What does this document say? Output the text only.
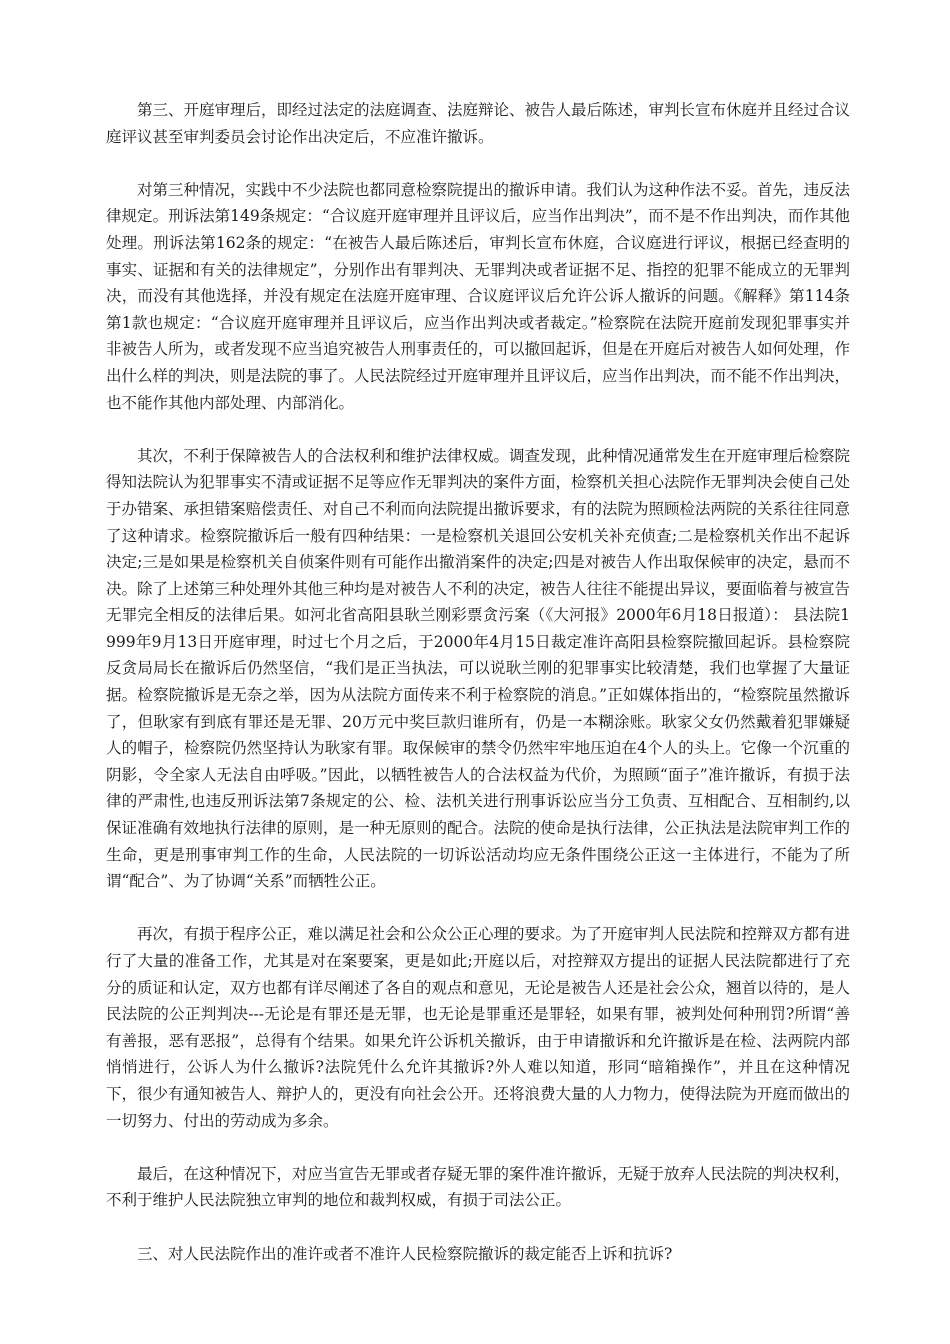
第三、开庭审理后，即经过法定的法庭调查、法庭辩论、被告人最后陈述，审判长宣布休庭并且经过合议庭评议甚至审判委员会讨论作出决定后，不应准许撤诉。

对第三种情况，实践中不少法院也都同意检察院提出的撤诉申请。我们认为这种作法不妥。首先，违反法律规定。刑诉法第149条规定：“合议庭开庭审理并且评议后，应当作出判决”，而不是不作出判决，而作其他处理。刑诉法第162条的规定：“在被告人最后陈述后，审判长宣布休庭，合议庭进行评议，根据已经查明的事实、证据和有关的法律规定”，分别作出有罪判决、无罪判决或者证据不足、指控的犯罪不能成立的无罪判决，而没有其他选择，并没有规定在法庭开庭审理、合议庭评议后允许公诉人撤诉的问题。《解释》第114条第1款也规定：“合议庭开庭审理并且评议后，应当作出判决或者裁定。”检察院在法院开庭前发现犯罪事实并非被告人所为，或者发现不应当追究被告人刑事责任的，可以撤回起诉，但是在开庭后对被告人如何处理，作出什么样的判决，则是法院的事了。人民法院经过开庭审理并且评议后，应当作出判决，而不能不作出判决，也不能作其他内部处理、内部消化。

其次，不利于保障被告人的合法权利和维护法律权威。调查发现，此种情况通常发生在开庭审理后检察院得知法院认为犯罪事实不清或证据不足等应作无罪判决的案件方面，检察机关担心法院作无罪判决会使自己处于办错案、承担错案赔偿责任、对自己不利而向法院提出撤诉要求，有的法院为照顾检法两院的关系往往同意了这种请求。检察院撤诉后一般有四种结果：一是检察机关退回公安机关补充侦查;二是检察机关作出不起诉决定;三是如果是检察机关自侦案件则有可能作出撤消案件的决定;四是对被告人作出取保候审的决定，悬而不决。除了上述第三种处理外其他三种均是对被告人不利的决定，被告人往往不能提出异议，要面临着与被宣告无罪完全相反的法律后果。如河北省高阳县耿兰刚彩票贪污案（《大河报》2000年6月18日报道）： 县法院1999年9月13日开庭审理，时过七个月之后，于2000年4月15日裁定准许高阳县检察院撤回起诉。县检察院反贪局局长在撤诉后仍然坚信，“我们是正当执法，可以说耿兰刚的犯罪事实比较清楚，我们也掌握了大量证据。检察院撤诉是无奈之举，因为从法院方面传来不利于检察院的消息。”正如媒体指出的，“检察院虽然撤诉了，但耿家有到底有罪还是无罪、20万元中奖巨款归谁所有，仍是一本糊涂账。耿家父女仍然戴着犯罪嫌疑人的帽子，检察院仍然坚持认为耿家有罪。取保候审的禁令仍然牢牢地压迫在4个人的头上。它像一个沉重的阴影，令全家人无法自由呼吸。”因此，以牺牲被告人的合法权益为代价，为照顾“面子”准许撤诉，有损于法律的严肃性,也违反刑诉法第7条规定的公、检、法机关进行刑事诉讼应当分工负责、互相配合、互相制约,以保证准确有效地执行法律的原则，是一种无原则的配合。法院的使命是执行法律，公正执法是法院审判工作的生命，更是刑事审判工作的生命，人民法院的一切诉讼活动均应无条件围绕公正这一主体进行，不能为了所谓“配合”、为了协调“关系”而牺牲公正。

再次，有损于程序公正，难以满足社会和公众公正心理的要求。为了开庭审判人民法院和控辩双方都有进行了大量的准备工作，尤其是对在案要案，更是如此;开庭以后，对控辩双方提出的证据人民法院都进行了充分的质证和认定，双方也都有详尽阐述了各自的观点和意见，无论是被告人还是社会公众，翘首以待的，是人民法院的公正判判决---无论是有罪还是无罪，也无论是罪重还是罪轻，如果有罪，被判处何种刑罚?所谓“善有善报，恶有恶报”，总得有个结果。如果允许公诉机关撤诉，由于申请撤诉和允许撤诉是在检、法两院内部悄悄进行，公诉人为什么撤诉?法院凭什么允许其撤诉?外人难以知道，形同“暗箱操作”，并且在这种情况下，很少有通知被告人、辩护人的，更没有向社会公开。还将浪费大量的人力物力，使得法院为开庭而做出的一切努力、付出的劳动成为多余。

最后，在这种情况下，对应当宣告无罪或者存疑无罪的案件准许撤诉，无疑于放弃人民法院的判决权利，不利于维护人民法院独立审判的地位和裁判权威，有损于司法公正。

三、对人民法院作出的准许或者不准许人民检察院撤诉的裁定能否上诉和抗诉?
